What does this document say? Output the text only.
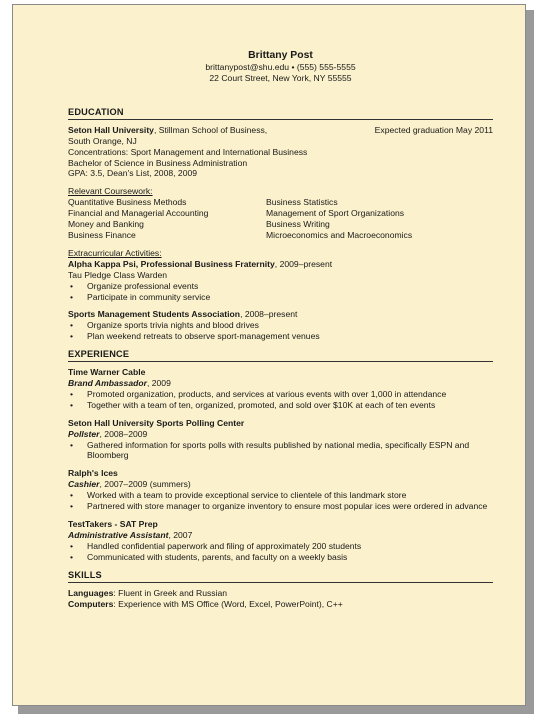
Brittany Post
brittanypost@shu.edu • (555) 555-5555
22 Court Street, New York, NY 55555
EDUCATION
Seton Hall University, Stillman School of Business,	Expected graduation May 2011
South Orange, NJ
Concentrations: Sport Management and International Business
Bachelor of Science in Business Administration
GPA: 3.5, Dean's List, 2008, 2009
Relevant Coursework:
Quantitative Business Methods
Financial and Managerial Accounting
Money and Banking
Business Finance
Business Statistics
Management of Sport Organizations
Business Writing
Microeconomics and Macroeconomics
Extracurricular Activities:
Alpha Kappa Psi, Professional Business Fraternity, 2009–present
Tau Pledge Class Warden
• Organize professional events
• Participate in community service
Sports Management Students Association, 2008–present
• Organize sports trivia nights and blood drives
• Plan weekend retreats to observe sport-management venues
EXPERIENCE
Time Warner Cable
Brand Ambassador, 2009
• Promoted organization, products, and services at various events with over 1,000 in attendance
• Together with a team of ten, organized, promoted, and sold over $10K at each of ten events
Seton Hall University Sports Polling Center
Pollster, 2008–2009
• Gathered information for sports polls with results published by national media, specifically ESPN and Bloomberg
Ralph's Ices
Cashier, 2007–2009 (summers)
• Worked with a team to provide exceptional service to clientele of this landmark store
• Partnered with store manager to organize inventory to ensure most popular ices were ordered in advance
TestTakers - SAT Prep
Administrative Assistant, 2007
• Handled confidential paperwork and filing of approximately 200 students
• Communicated with students, parents, and faculty on a weekly basis
SKILLS
Languages: Fluent in Greek and Russian
Computers: Experience with MS Office (Word, Excel, PowerPoint), C++
